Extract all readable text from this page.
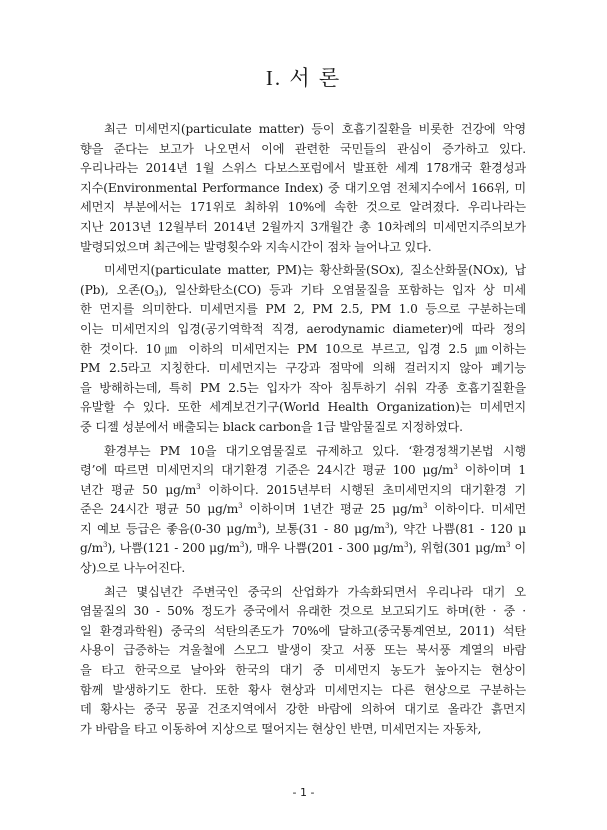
I. 서 론
최근 미세먼지(particulate matter) 등이 호흡기질환을 비롯한 건강에 악영
향을 준다는 보고가 나오면서 이에 관련한 국민들의 관심이 증가하고 있다.
우리나라는 2014년 1월 스위스 다보스포럼에서 발표한 세계 178개국 환경성과
지수(Environmental Performance Index) 중 대기오염 전체지수에서 166위, 미
세먼지 부분에서는 171위로 최하위 10%에 속한 것으로 알려졌다. 우리나라는
지난 2013년 12월부터 2014년 2월까지 3개월간 총 10차례의 미세먼지주의보가
발령되었으며 최근에는 발령횟수와 지속시간이 점차 늘어나고 있다.
미세먼지(particulate matter, PM)는 황산화물(SOx), 질소산화물(NOx), 납
(Pb), 오존$(O_3)$, 일산화탄소(CO) 등과 기타 오염물질을 포함하는 입자 상 미세
한 먼지를 의미한다. 미세먼지를 PM 2, PM 2.5, PM 1.0 등으로 구분하는데
이는 미세먼지의 입경(공기역학적 직경, aerodynamic diameter)에 따라 정의
한 것이다. 10㎛ 이하의 미세먼지는 PM 10으로 부르고, 입경 2.5 ㎛이하는
PM 2.5라고 지칭한다. 미세먼지는 구강과 점막에 의해 걸러지지 않아 폐기능
을 방해하는데, 특히 PM 2.5는 입자가 작아 침투하기 쉬워 각종 호흡기질환을
유발할 수 있다. 또한 세계보건기구(World Health Organization)는 미세먼지
중 디젤 성분에서 배출되는 black carbon을 1급 발암물질로 지정하였다.
환경부는 PM 10을 대기오염물질로 규제하고 있다. ‘환경정책기본법 시행
령’에 따르면 미세먼지의 대기환경 기준은 24시간 평균 100 $\mu g/m^3$ 이하이며 1
년간 평균 50 $\mu g/m^3$ 이하이다. 2015년부터 시행된 초미세먼지의 대기환경 기
준은 24시간 평균 50 $\mu g/m^3$ 이하이며 1년간 평균 25 $\mu g/m^3$ 이하이다. 미세먼
지 예보 등급은 좋음(0-30 $\mu g/m^3$), 보통(31 - 80 $\mu g/m^3$), 약간 나쁨(81 - 120 μ
$g/m^3$), 나쁨(121 - 200 $\mu g/m^3$), 매우 나쁨(201 - 300 $\mu g/m^3$), 위험(301 $\mu g/m^3$ 이
상)으로 나누어진다.
최근 몇십년간 주변국인 중국의 산업화가 가속화되면서 우리나라 대기 오
염물질의 30 - 50% 정도가 중국에서 유래한 것으로 보고되기도 하며(한 · 중 ·
일 환경과학원) 중국의 석탄의존도가 70%에 달하고(중국통계연보, 2011) 석탄
사용이 급증하는 겨울철에 스모그 발생이 잦고 서풍 또는 북서풍 계열의 바람
을 타고 한국으로 날아와 한국의 대기 중 미세먼지 농도가 높아지는 현상이
함께 발생하기도 한다. 또한 황사 현상과 미세먼지는 다른 현상으로 구분하는
데 황사는 중국 몽골 건조지역에서 강한 바람에 의하여 대기로 올라간 흙먼지
가 바람을 타고 이동하여 지상으로 떨어지는 현상인 반면, 미세먼지는 자동차,
- 1 -
